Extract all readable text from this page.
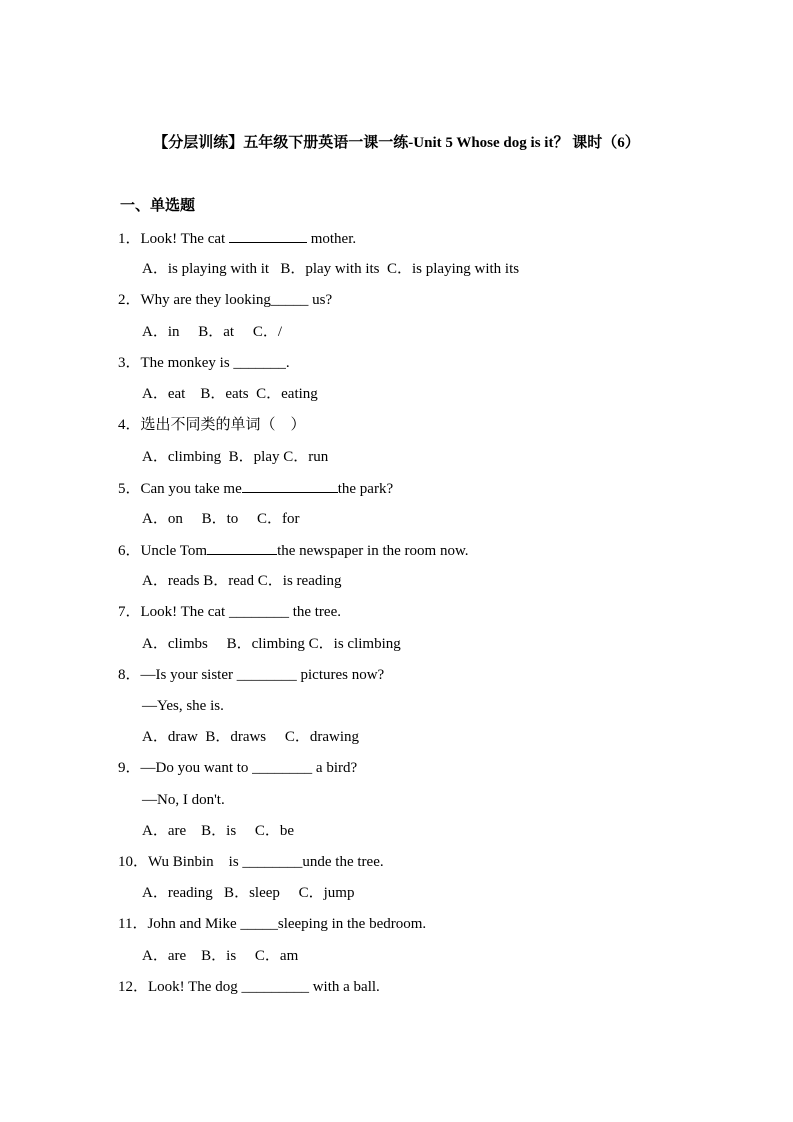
【分层训练】五年级下册英语一课一练-Unit 5 Whose dog is it？ 课时（6）
一、单选题
1．Look! The cat	mother.
A．is playing with it   B．play with its  C．is playing with its
2．Why are they looking_____ us?
A．in     B．at     C．/
3．The monkey is _______.
A．eat    B．eats  C．eating
4．选出不同类的单词（    ）
A．climbing  B．play C．run
5．Can you take me	the park?
A．on     B．to     C．for
6．Uncle Tom	the newspaper in the room now.
A．reads B．read C．is reading
7．Look! The cat ________ the tree.
A．climbs     B．climbing C．is climbing
8．—Is your sister ________ pictures now?
—Yes, she is.
A．draw  B．draws     C．drawing
9．—Do you want to ________ a bird?
—No, I don't.
A．are    B．is     C．be
10．Wu Binbin    is ________unde the tree.
A．reading   B．sleep     C．jump
11．John and Mike _____sleeping in the bedroom.
A．are    B．is     C．am
12．Look! The dog _________ with a ball.
